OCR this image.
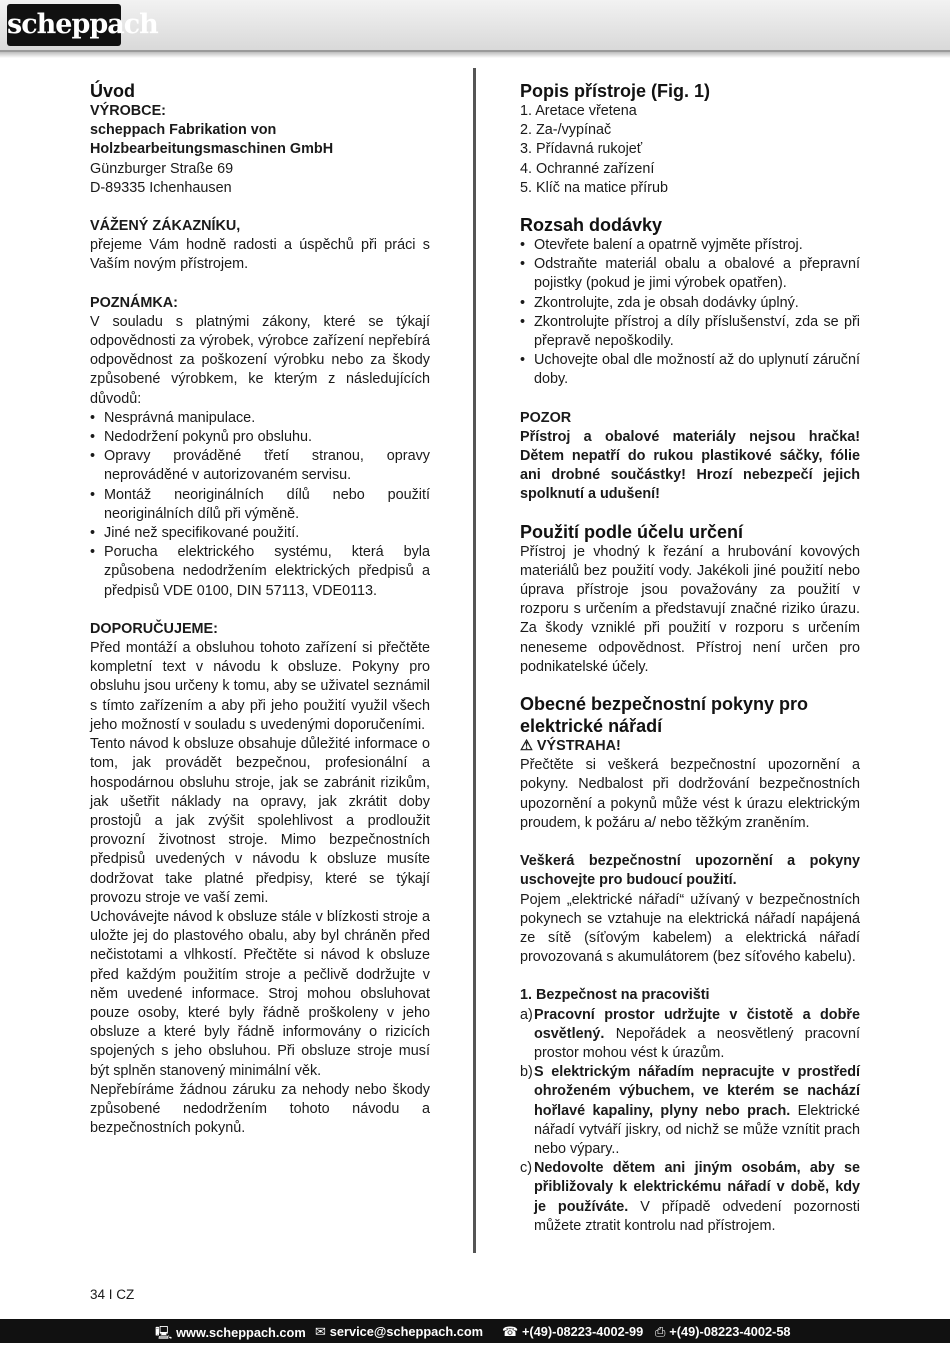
scheppach
Úvod
VÝROBCE:
scheppach Fabrikation von
Holzbearbeitungsmaschinen GmbH
Günzburger Straße 69
D-89335 Ichenhausen
VÁŽENÝ ZÁKAZNÍKU,
přejeme Vám hodně radosti a úspěchů při práci s Vaším novým přístrojem.
POZNÁMKA:
V souladu s platnými zákony, které se týkají odpovědnosti za výrobek, výrobce zařízení nepřebírá odpovědnost za poškození výrobku nebo za škody způsobené výrobkem, ke kterým z následujících důvodů:
• Nesprávná manipulace.
• Nedodržení pokynů pro obsluhu.
• Opravy prováděné třetí stranou, opravy neprováděné v autorizovaném servisu.
• Montáž neoriginálních dílů nebo použití neoriginálních dílů při výměně.
• Jiné než specifikované použití.
• Porucha elektrického systému, která byla způsobena nedodržením elektrických předpisů a předpisů VDE 0100, DIN 57113, VDE0113.
DOPORUČUJEME:
Před montáží a obsluhou tohoto zařízení si přečtěte kompletní text v návodu k obsluze. Pokyny pro obsluhu jsou určeny k tomu, aby se uživatel seznámil s tímto zařízením a aby při jeho použití využil všech jeho možností v souladu s uvedenými doporučeními.
Tento návod k obsluze obsahuje důležité informace o tom, jak provádět bezpečnou, profesionální a hospodárnou obsluhu stroje, jak se zabránit rizikům, jak ušetřit náklady na opravy, jak zkrátit doby prostojů a jak zvýšit spolehlivost a prodloužit provozní životnost stroje. Mimo bezpečnostních předpisů uvedených v návodu k obsluze musíte dodržovat take platné předpisy, které se týkají provozu stroje ve vaší zemi.
Uchovávejte návod k obsluze stále v blízkosti stroje a uložte jej do plastového obalu, aby byl chráněn před nečistotami a vlhkostí. Přečtěte si návod k obsluze před každým použitím stroje a pečlivě dodržujte v něm uvedené informace. Stroj mohou obsluhovat pouze osoby, které byly řádně proškoleny v jeho obsluze a které byly řádně informovány o rizicích spojených s jeho obsluhou. Při obsluze stroje musí být splněn stanovený minimální věk.
Nepřebíráme žádnou záruku za nehody nebo škody způsobené nedodržením tohoto návodu a bezpečnostních pokynů.
Popis přístroje (Fig. 1)
1. Aretace vřetena
2. Za-/vypínač
3. Přídavná rukojeť
4. Ochranné zařízení
5. Klíč na matice přírub
Rozsah dodávky
• Otevřete balení a opatrně vyjměte přístroj.
• Odstraňte materiál obalu a obalové a přepravní pojistky (pokud je jimi výrobek opatřen).
• Zkontrolujte, zda je obsah dodávky úplný.
• Zkontrolujte přístroj a díly příslušenství, zda se při přepravě nepoškodily.
• Uchovejte obal dle možností až do uplynutí záruční doby.
POZOR
Přístroj a obalové materiály nejsou hračka! Dětem nepatří do rukou plastikové sáčky, fólie ani drobné součástky! Hrozí nebezpečí jejich spolknutí a udušení!
Použití podle účelu určení
Přístroj je vhodný k řezání a hrubování kovových materiálů bez použití vody. Jakékoli jiné použití nebo úprava přístroje jsou považovány za použití v rozporu s určením a představují značné riziko úrazu. Za škody vzniklé při použití v rozporu s určením neneseme odpovědnost. Přístroj není určen pro podnikatelské účely.
Obecné bezpečnostní pokyny pro elektrické nářadí
⚠ VÝSTRAHA!
Přečtěte si veškerá bezpečnostní upozornění a pokyny. Nedbalost při dodržování bezpečnostních upozornění a pokynů může vést k úrazu elektrickým proudem, k požáru a/ nebo těžkým zraněním.
Veškerá bezpečnostní upozornění a pokyny uschovejte pro budoucí použití.
Pojem „elektrické nářadí“ užívaný v bezpečnostních pokynech se vztahuje na elektrická nářadí napájená ze sítě (síťovým kabelem) a elektrická nářadí provozovaná s akumulátorem (bez síťového kabelu).
1. Bezpečnost na pracovišti
a) Pracovní prostor udržujte v čistotě a dobře osvětlený. Nepořádek a neosvětlený pracovní prostor mohou vést k úrazům.
b) S elektrickým nářadím nepracujte v prostředí ohroženém výbuchem, ve kterém se nachází hořlavé kapaliny, plyny nebo prach. Elektrické nářadí vytváří jiskry, od nichž se může vznítit prach nebo výpary..
c) Nedovolte dětem ani jiným osobám, aby se přibližovaly k elektrickému nářadí v době, kdy je používáte. V případě odvedení pozornosti můžete ztratit kontrolu nad přístrojem.
34 I CZ
🖳 www.scheppach.com ✉ service@scheppach.com ☎ +(49)-08223-4002-99 ⎙ +(49)-08223-4002-58
